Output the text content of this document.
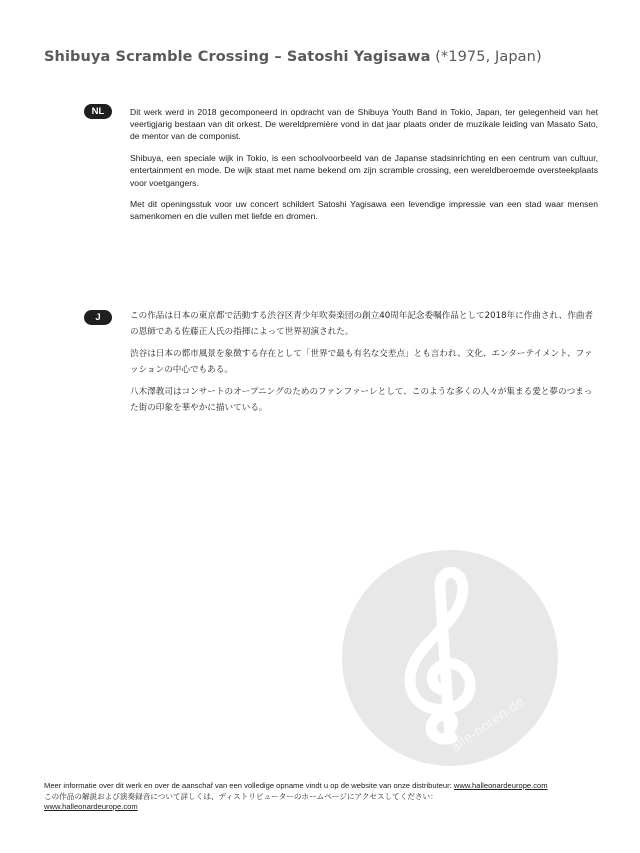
Shibuya Scramble Crossing – Satoshi Yagisawa (*1975, Japan)
NL	Dit werk werd in 2018 gecomponeerd in opdracht van de Shibuya Youth Band in Tokio, Japan, ter gelegenheid van het veertigjarig bestaan van dit orkest. De wereldpremière vond in dat jaar plaats onder de muzikale leiding van Masato Sato, de mentor van de componist.

Shibuya, een speciale wijk in Tokio, is een schoolvoorbeeld van de Japanse stadsinrichting en een centrum van cultuur, entertainment en mode. De wijk staat met name bekend om zijn scramble crossing, een wereldberoemde oversteekplaats voor voetgangers.

Met dit openingsstuk voor uw concert schildert Satoshi Yagisawa een levendige impressie van een stad waar mensen samenkomen en die vullen met liefde en dromen.

J	この作品は日本の東京都で活動する渋谷区青少年吹奏楽団の創立40周年記念委嘱作品として2018年に作曲され、作曲者の恩師である佐藤正人氏の指揮によって世界初演された。

渋谷は日本の都市風景を象徴する存在として「世界で最も有名な交差点」とも言われ、文化、エンターテイメント、ファッションの中心でもある。

八木澤教司はコンサートのオープニングのためのファンファーレとして、このような多くの人々が集まる愛と夢のつまった街の印象を華やかに描いている。

alle-noten.de
Meer informatie over dit werk en over de aanschaf van een volledige opname vindt u op de website van onze distributeur: www.halleonardeurope.com
この作品の解説および演奏録音について詳しくは、ディストリビューターのホームページにアクセスしてください：
www.halleonardeurope.com
